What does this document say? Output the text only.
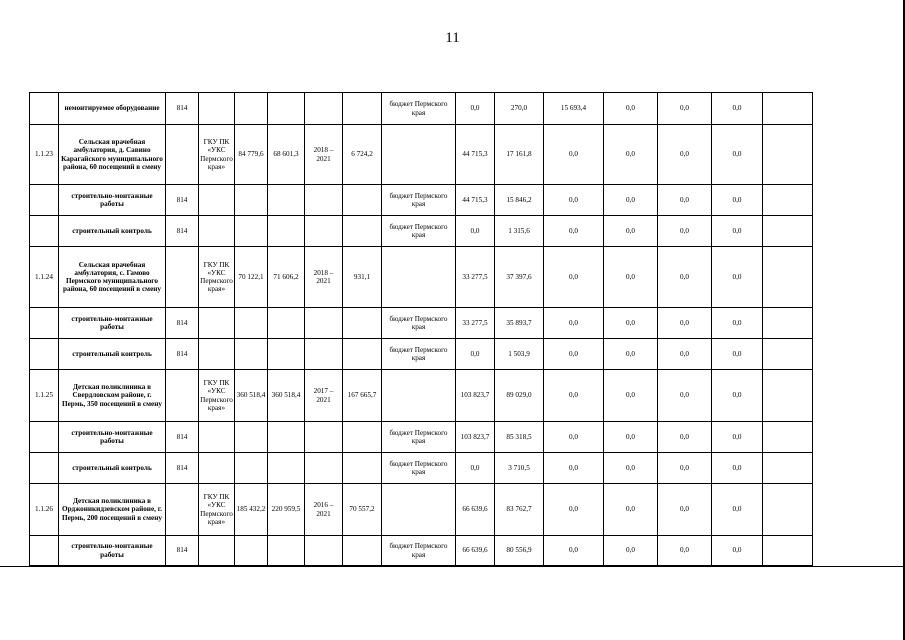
11
	немонтируемое оборудование	814						бюджет Пермского края	0,0	270,0	15 693,4	0,0	0,0	0,0	
1.1.23	Сельская врачебная амбулатория, д. Савино Карагайского муниципального района, 60 посещений в смену		ГКУ ПК «УКС Пермского края»	84 779,6	68 601,3	2018 – 2021	6 724,2		44 715,3	17 161,8	0,0	0,0	0,0	0,0	
	строительно-монтажные работы	814						бюджет Пермского края	44 715,3	15 846,2	0,0	0,0	0,0	0,0	
	строительный контроль	814						бюджет Пермского края	0,0	1 315,6	0,0	0,0	0,0	0,0	
1.1.24	Сельская врачебная амбулатория, с. Гамово Пермского муниципального района, 60 посещений в смену		ГКУ ПК «УКС Пермского края»	70 122,1	71 606,2	2018 – 2021	931,1		33 277,5	37 397,6	0,0	0,0	0,0	0,0	
	строительно-монтажные работы	814						бюджет Пермского края	33 277,5	35 893,7	0,0	0,0	0,0	0,0	
	строительный контроль	814						бюджет Пермского края	0,0	1 503,9	0,0	0,0	0,0	0,0	
1.1.25	Детская поликлиника в Свердловском районе, г. Пермь, 350 посещений в смену		ГКУ ПК «УКС Пермского края»	360 518,4	360 518,4	2017 – 2021	167 665,7		103 823,7	89 029,0	0,0	0,0	0,0	0,0	
	строительно-монтажные работы	814						бюджет Пермского края	103 823,7	85 318,5	0,0	0,0	0,0	0,0	
	строительный контроль	814						бюджет Пермского края	0,0	3 710,5	0,0	0,0	0,0	0,0	
1.1.26	Детская поликлиника в Орджоникидзевском районе, г. Пермь, 200 посещений в смену		ГКУ ПК «УКС Пермского края»	185 432,2	220 959,5	2016 – 2021	70 557,2		66 639,6	83 762,7	0,0	0,0	0,0	0,0	
	строительно-монтажные работы	814						бюджет Пермского края	66 639,6	80 556,9	0,0	0,0	0,0	0,0	
